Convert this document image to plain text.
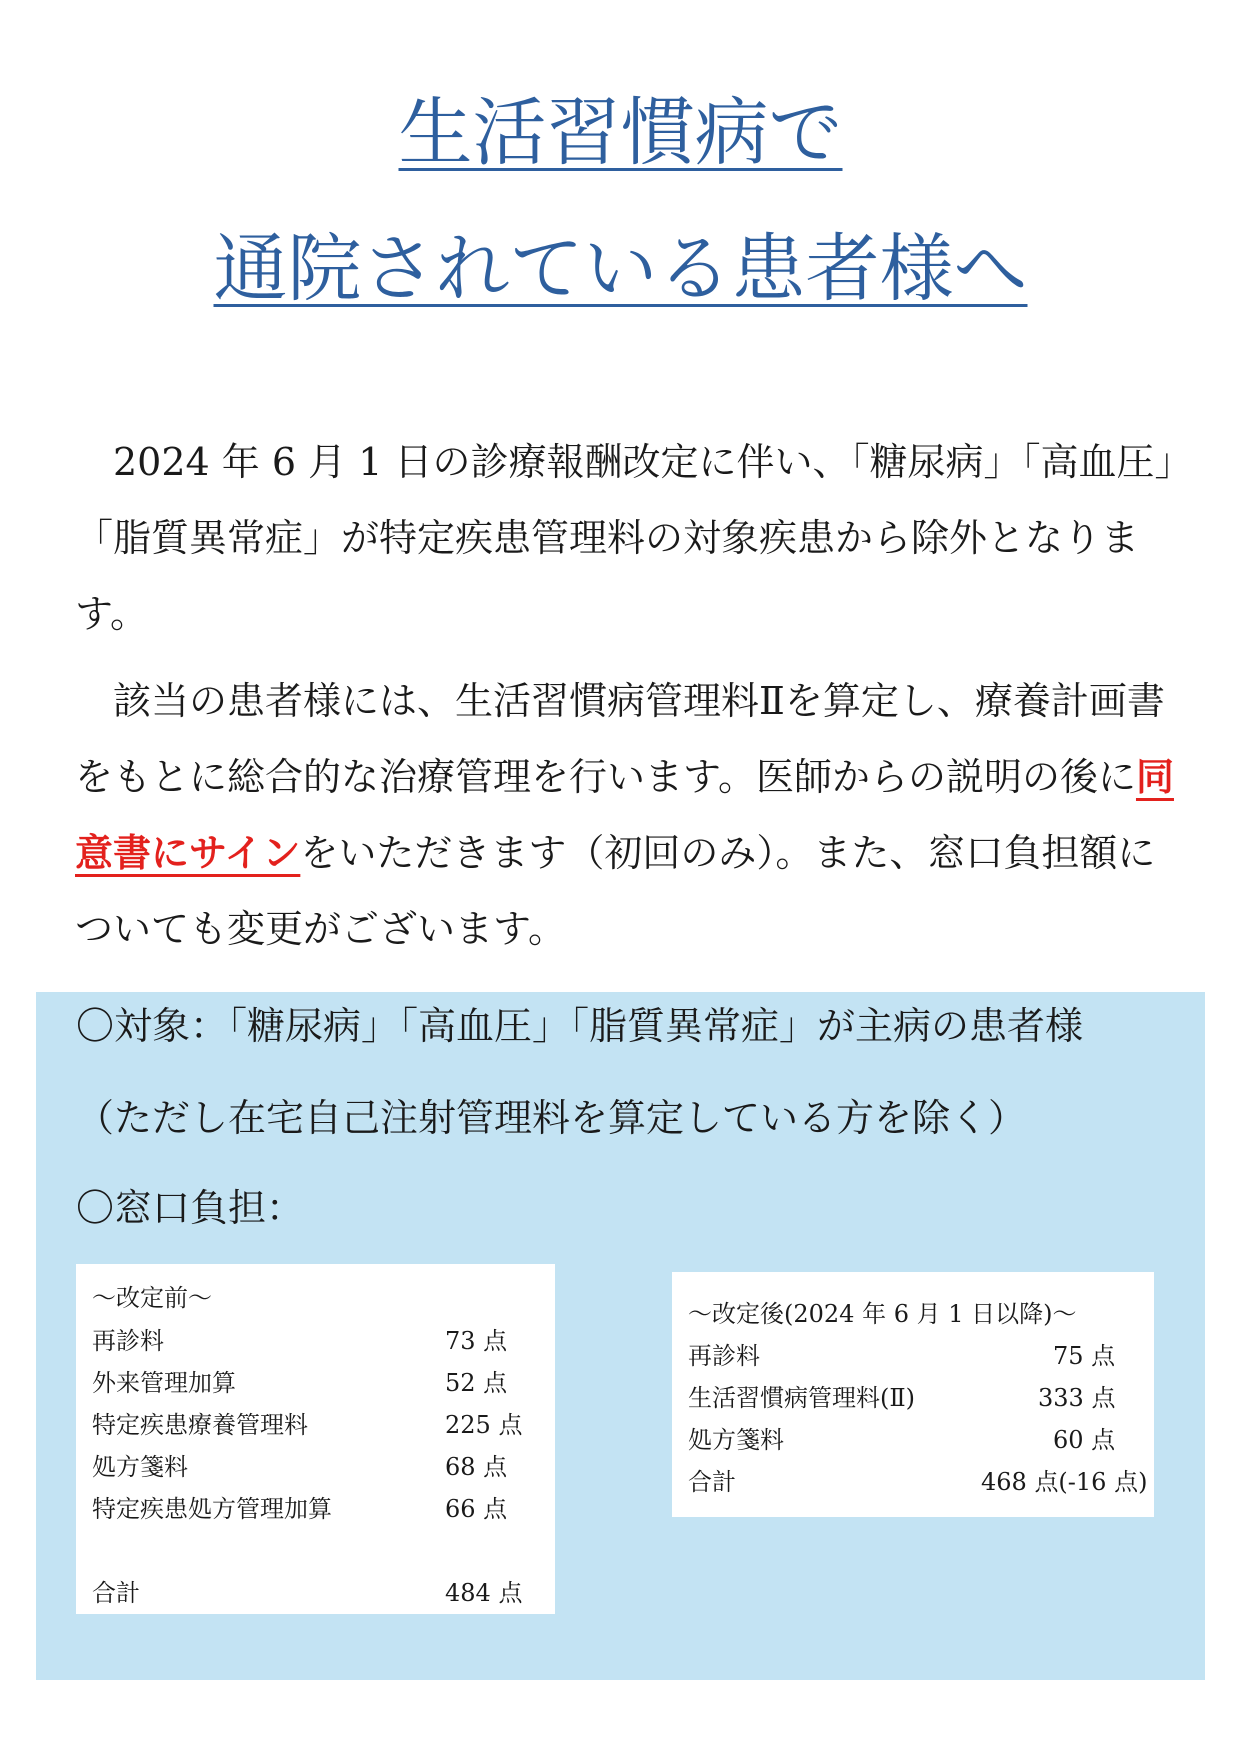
生活習慣病で
通院されている患者様へ

　2024 年 6 月 1 日の診療報酬改定に伴い、「糖尿病」「高血圧」「脂質異常症」が特定疾患管理料の対象疾患から除外となります。

　該当の患者様には、生活習慣病管理料Ⅱを算定し、療養計画書をもとに総合的な治療管理を行います。医師からの説明の後に同意書にサインをいただきます（初回のみ）。また、窓口負担額についても変更がございます。

〇対象：「糖尿病」「高血圧」「脂質異常症」が主病の患者様
（ただし在宅自己注射管理料を算定している方を除く）
〇窓口負担：
～改定前～
再診料	73 点
外来管理加算	52 点
特定疾患療養管理料	225 点
処方箋料	68 点
特定疾患処方管理加算	66 点
合計	484 点
～改定後(2024 年 6 月 1 日以降)～
再診料	75 点
生活習慣病管理料(Ⅱ)	333 点
処方箋料	60 点
合計	468 点(-16 点)
